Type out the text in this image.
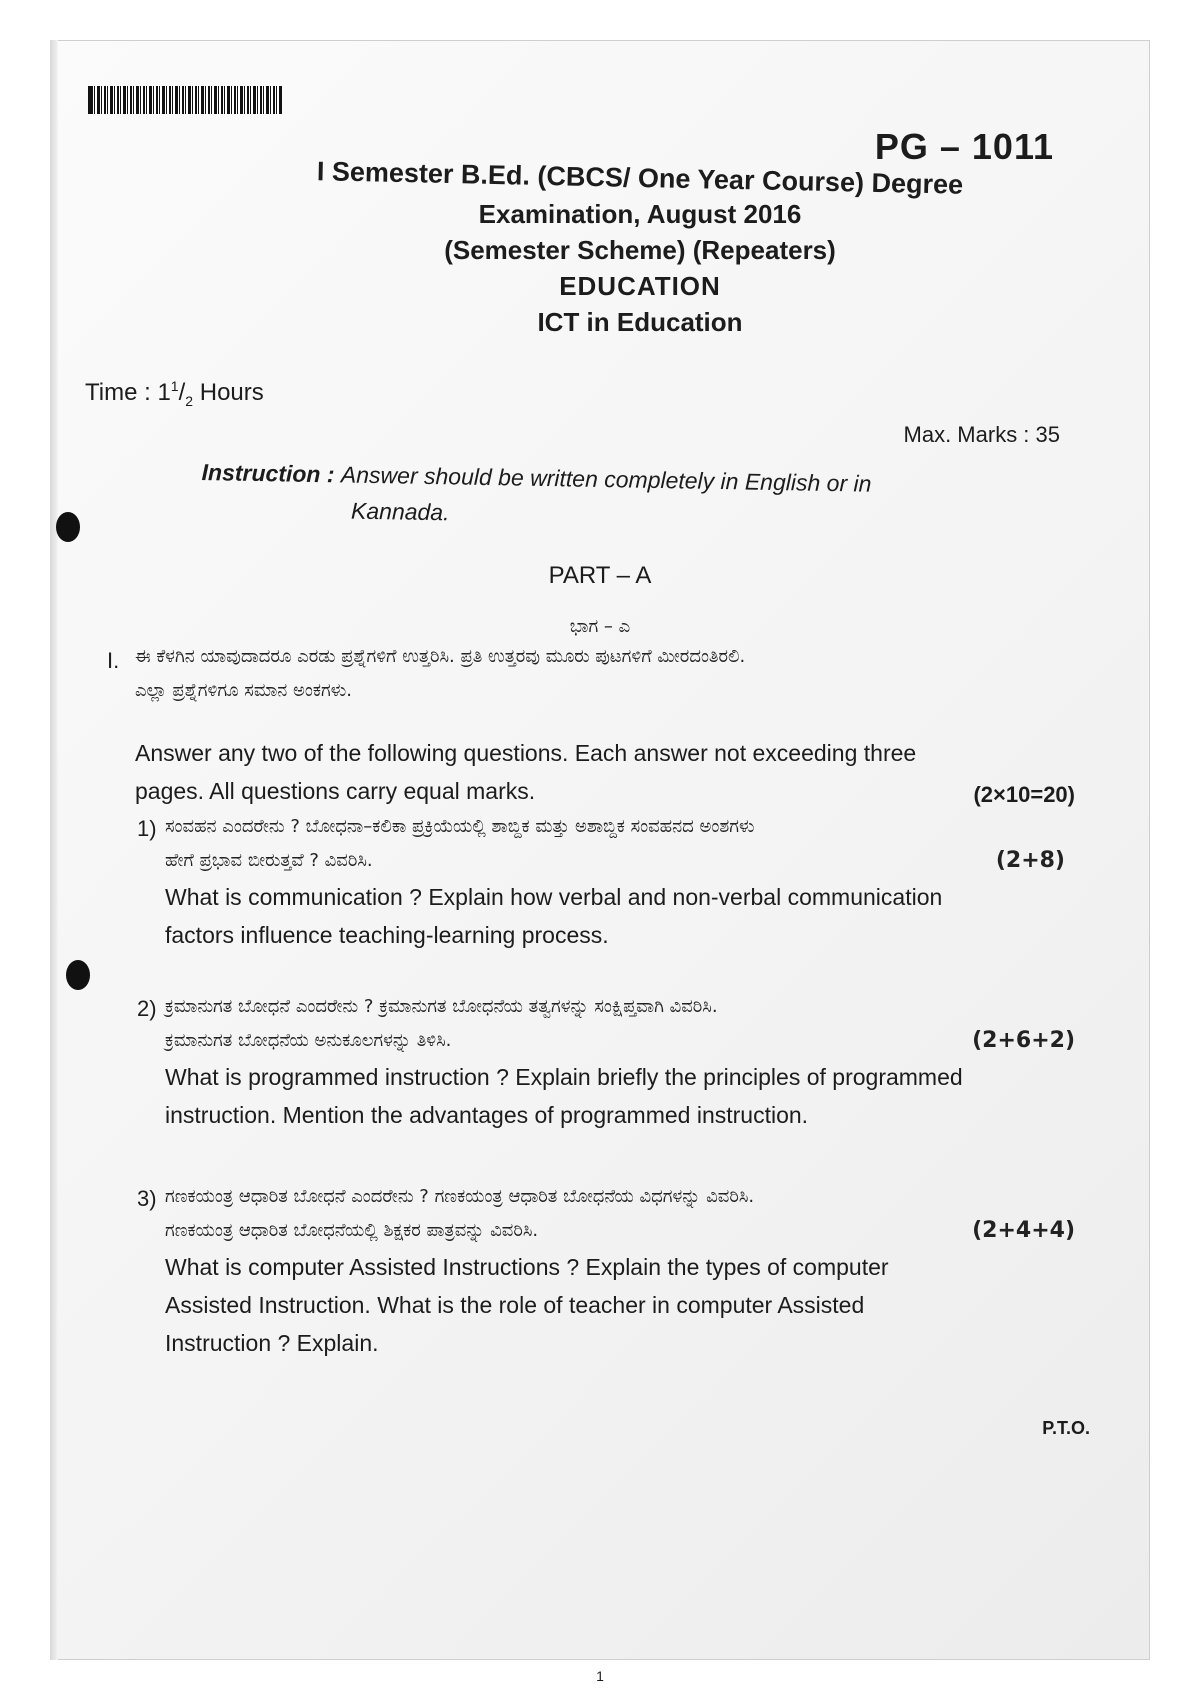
PG – 1011
I Semester B.Ed. (CBCS/ One Year Course) Degree
Examination, August 2016
(Semester Scheme) (Repeaters)
EDUCATION
ICT in Education
Time : $1^1/_2$ Hours
Max. Marks : 35
Instruction : Answer should be written completely in English or in
Kannada.
PART – A
ಭಾಗ – ಎ
I. ಈ ಕೆಳಗಿನ ಯಾವುದಾದರೂ ಎರಡು ಪ್ರಶ್ನೆಗಳಿಗೆ ಉತ್ತರಿಸಿ. ಪ್ರತಿ ಉತ್ತರವು ಮೂರು ಪುಟಗಳಿಗೆ ಮೀರದಂತಿರಲಿ.
ಎಲ್ಲಾ ಪ್ರಶ್ನೆಗಳಿಗೂ ಸಮಾನ ಅಂಕಗಳು.
Answer any two of the following questions. Each answer not exceeding three
pages. All questions carry equal marks.	(2×10=20)
1) ಸಂವಹನ ಎಂದರೇನು ? ಬೋಧನಾ–ಕಲಿಕಾ ಪ್ರಕ್ರಿಯೆಯಲ್ಲಿ ಶಾಬ್ದಿಕ ಮತ್ತು ಅಶಾಬ್ದಿಕ ಸಂವಹನದ ಅಂಶಗಳು
ಹೇಗೆ ಪ್ರಭಾವ ಬೀರುತ್ತವೆ ? ವಿವರಿಸಿ.	(2+8)
What is communication ? Explain how verbal and non-verbal communication
factors influence teaching-learning process.
2) ಕ್ರಮಾನುಗತ ಬೋಧನೆ ಎಂದರೇನು ? ಕ್ರಮಾನುಗತ ಬೋಧನೆಯ ತತ್ವಗಳನ್ನು ಸಂಕ್ಷಿಪ್ತವಾಗಿ ವಿವರಿಸಿ.
ಕ್ರಮಾನುಗತ ಬೋಧನೆಯ ಅನುಕೂಲಗಳನ್ನು ತಿಳಿಸಿ.	(2+6+2)
What is programmed instruction ? Explain briefly the principles of programmed
instruction. Mention the advantages of programmed instruction.
3) ಗಣಕಯಂತ್ರ ಆಧಾರಿತ ಬೋಧನೆ ಎಂದರೇನು ? ಗಣಕಯಂತ್ರ ಆಧಾರಿತ ಬೋಧನೆಯ ವಿಧಗಳನ್ನು ವಿವರಿಸಿ.
ಗಣಕಯಂತ್ರ ಆಧಾರಿತ ಬೋಧನೆಯಲ್ಲಿ ಶಿಕ್ಷಕರ ಪಾತ್ರವನ್ನು ವಿವರಿಸಿ.	(2+4+4)
What is computer Assisted Instructions ? Explain the types of computer
Assisted Instruction. What is the role of teacher in computer Assisted
Instruction ? Explain.
P.T.O.
1
